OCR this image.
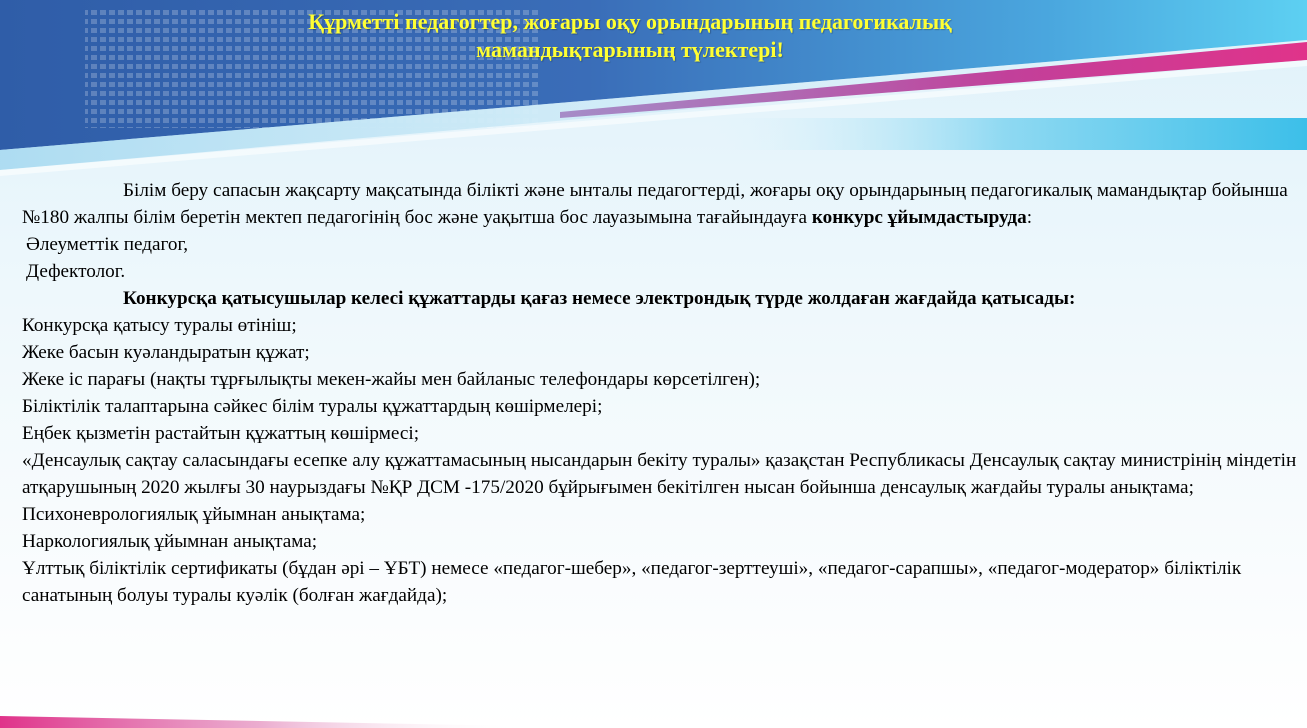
Құрметті педагогтер, жоғары оқу орындарының педагогикалық
мамандықтарының түлектері!

Білім беру сапасын жақсарту мақсатында білікті және ынталы педагогтерді, жоғары оқу орындарының педагогикалық мамандықтар бойынша №180 жалпы білім беретін мектеп педагогінің бос және уақытша бос лауазымына тағайындауға конкурс ұйымдастыруда:

Әлеуметтік педагог,

Дефектолог.

Конкурсқа қатысушылар келесі құжаттарды қағаз немесе электрондық түрде жолдаған жағдайда қатысады:

Конкурсқа қатысу туралы өтініш;

Жеке басын куәландыратын құжат;

Жеке іс парағы (нақты тұрғылықты мекен-жайы мен байланыс телефондары көрсетілген);

Біліктілік талаптарына сәйкес білім туралы құжаттардың көшірмелері;

Еңбек қызметін растайтын құжаттың көшірмесі;

«Денсаулық сақтау саласындағы есепке алу құжаттамасының нысандарын бекіту туралы» қазақстан Республикасы Денсаулық сақтау министрінің міндетін атқарушының 2020 жылғы 30 наурыздағы №ҚР ДСМ -175/2020 бұйрығымен бекітілген нысан бойынша денсаулық жағдайы туралы анықтама;

Психоневрологиялық ұйымнан анықтама;

Наркологиялық ұйымнан анықтама;

Ұлттық біліктілік сертификаты (бұдан әрі – ҰБТ) немесе «педагог-шебер», «педагог-зерттеуші», «педагог-сарапшы», «педагог-модератор» біліктілік санатының болуы туралы куәлік (болған жағдайда);
